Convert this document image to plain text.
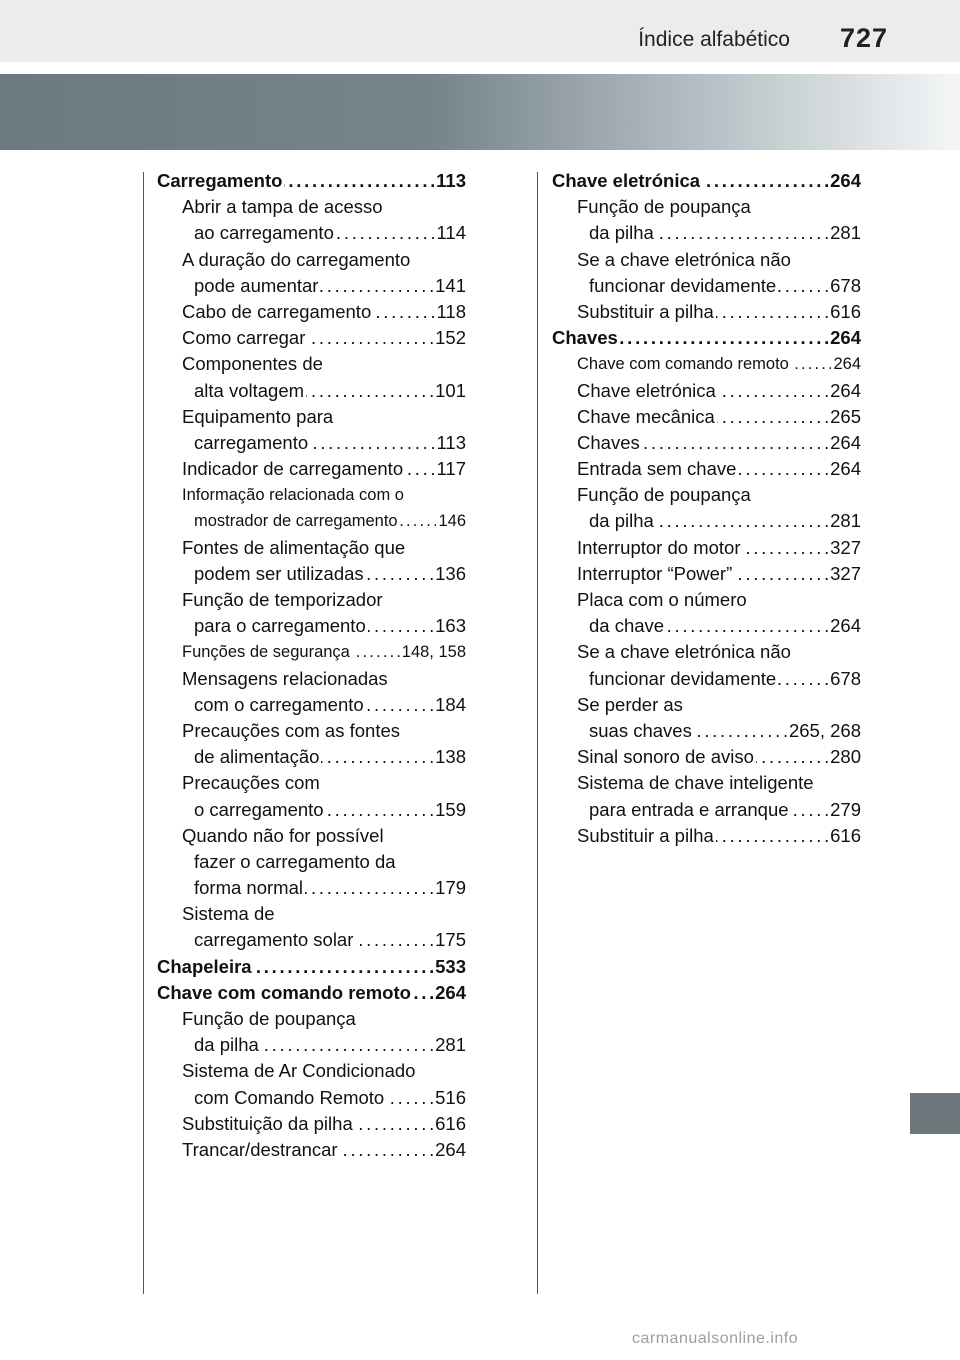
Índice alfabético 727
Carregamento . . .	113
Abrir a tampa de acesso
ao carregamento . . .	114
A duração do carregamento
pode aumentar . . .	141
Cabo de carregamento . . .	118
Como carregar . . .	152
Componentes de
alta voltagem . . .	101
Equipamento para
carregamento . . .	113
Indicador de carregamento . . . 117
Informação relacionada com o
mostrador de carregamento . . . 146
Fontes de alimentação que
podem ser utilizadas . . .	136
Função de temporizador
para o carregamento . . .	163
Funções de segurança . . .	148, 158
Mensagens relacionadas
com o carregamento . . .	184
Precauções com as fontes
de alimentação . . .	138
Precauções com
o carregamento . . .	159
Quando não for possível
fazer o carregamento da
forma normal . . .	179
Sistema de
carregamento solar . . .	175
Chapeleira . . .	533
Chave com comando remoto . . . 264
Função de poupança
da pilha . . .	281
Sistema de Ar Condicionado
com Comando Remoto . . .	516
Substituição da pilha . . .	616
Trancar/destrancar . . .	264
Chave eletrónica . . .	264
Função de poupança
da pilha . . .	281
Se a chave eletrónica não
funcionar devidamente . . .	678
Substituir a pilha . . .	616
Chaves . . .	264
Chave com comando remoto . . .	264
Chave eletrónica . . .	264
Chave mecânica . . .	265
Chaves . . .	264
Entrada sem chave . . .	264
Função de poupança
da pilha . . .	281
Interruptor do motor . . .	327
Interruptor “Power” . . .	327
Placa com o número
da chave . . .	264
Se a chave eletrónica não
funcionar devidamente . . .	678
Se perder as
suas chaves . . .	265, 268
Sinal sonoro de aviso . . .	280
Sistema de chave inteligente
para entrada e arranque . . . 279
Substituir a pilha . . .	616
carmanualsonline.info
